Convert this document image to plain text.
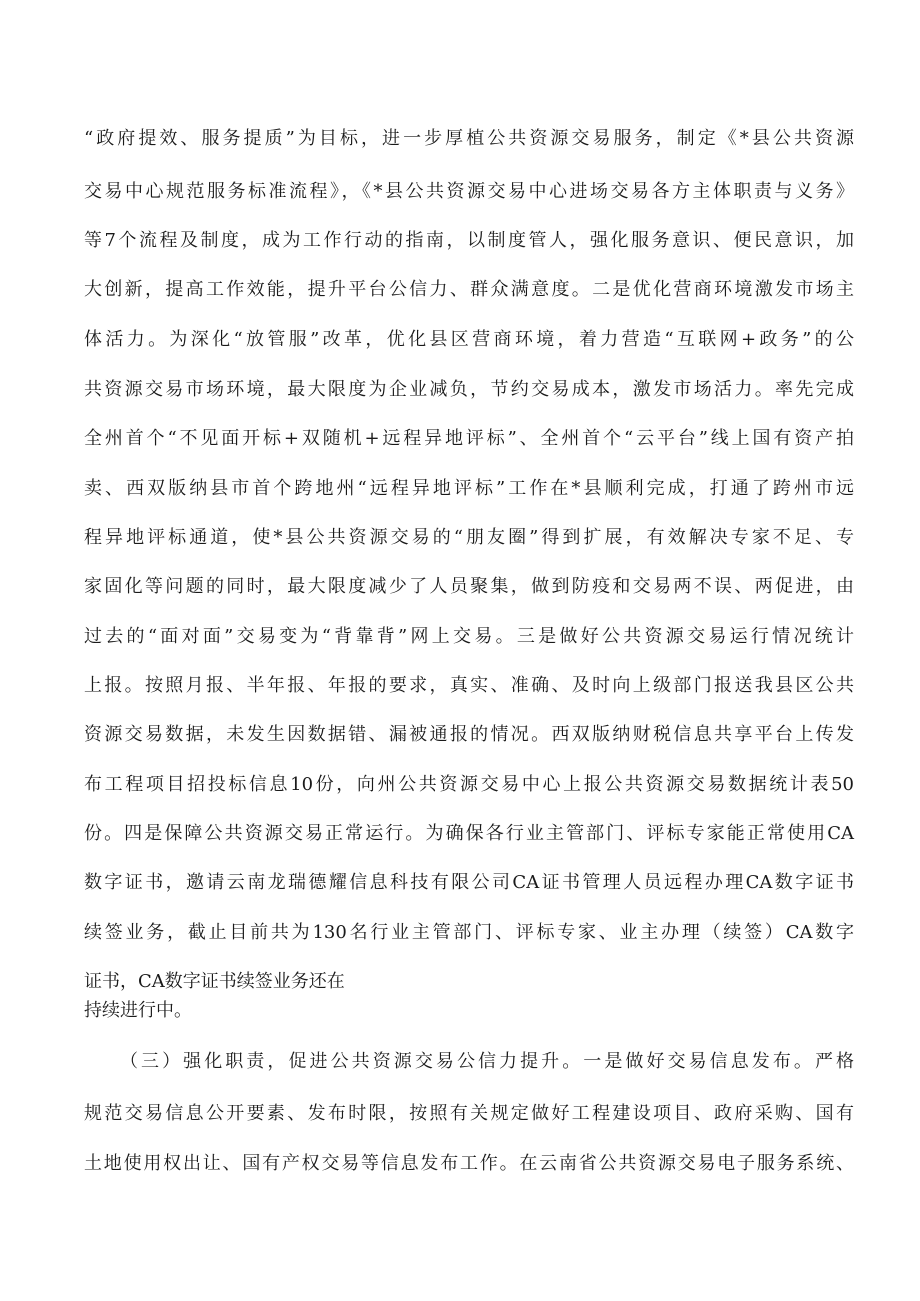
“政府提效、服务提质”为目标，进一步厚植公共资源交易服务，制定《*县公共资源
交易中心规范服务标准流程》，《*县公共资源交易中心进场交易各方主体职责与义务》
等7个流程及制度，成为工作行动的指南，以制度管人，强化服务意识、便民意识，加
大创新，提高工作效能，提升平台公信力、群众满意度。二是优化营商环境激发市场主
体活力。为深化“放管服”改革，优化县区营商环境，着力营造“互联网+政务”的公
共资源交易市场环境，最大限度为企业减负，节约交易成本，激发市场活力。率先完成
全州首个“不见面开标+双随机+远程异地评标”、全州首个“云平台”线上国有资产拍
卖、西双版纳县市首个跨地州“远程异地评标”工作在*县顺利完成，打通了跨州市远
程异地评标通道，使*县公共资源交易的“朋友圈”得到扩展，有效解决专家不足、专
家固化等问题的同时，最大限度减少了人员聚集，做到防疫和交易两不误、两促进，由
过去的“面对面”交易变为“背靠背”网上交易。三是做好公共资源交易运行情况统计
上报。按照月报、半年报、年报的要求，真实、准确、及时向上级部门报送我县区公共
资源交易数据，未发生因数据错、漏被通报的情况。西双版纳财税信息共享平台上传发
布工程项目招投标信息10份，向州公共资源交易中心上报公共资源交易数据统计表50
份。四是保障公共资源交易正常运行。为确保各行业主管部门、评标专家能正常使用CA
数字证书，邀请云南龙瑞德耀信息科技有限公司CA证书管理人员远程办理CA数字证书
续签业务，截止目前共为130名行业主管部门、评标专家、业主办理（续签）CA数字
证书，CA数字证书续签业务还在
持续进行中。
（三）强化职责，促进公共资源交易公信力提升。一是做好交易信息发布。严格
规范交易信息公开要素、发布时限，按照有关规定做好工程建设项目、政府采购、国有
土地使用权出让、国有产权交易等信息发布工作。在云南省公共资源交易电子服务系统、
